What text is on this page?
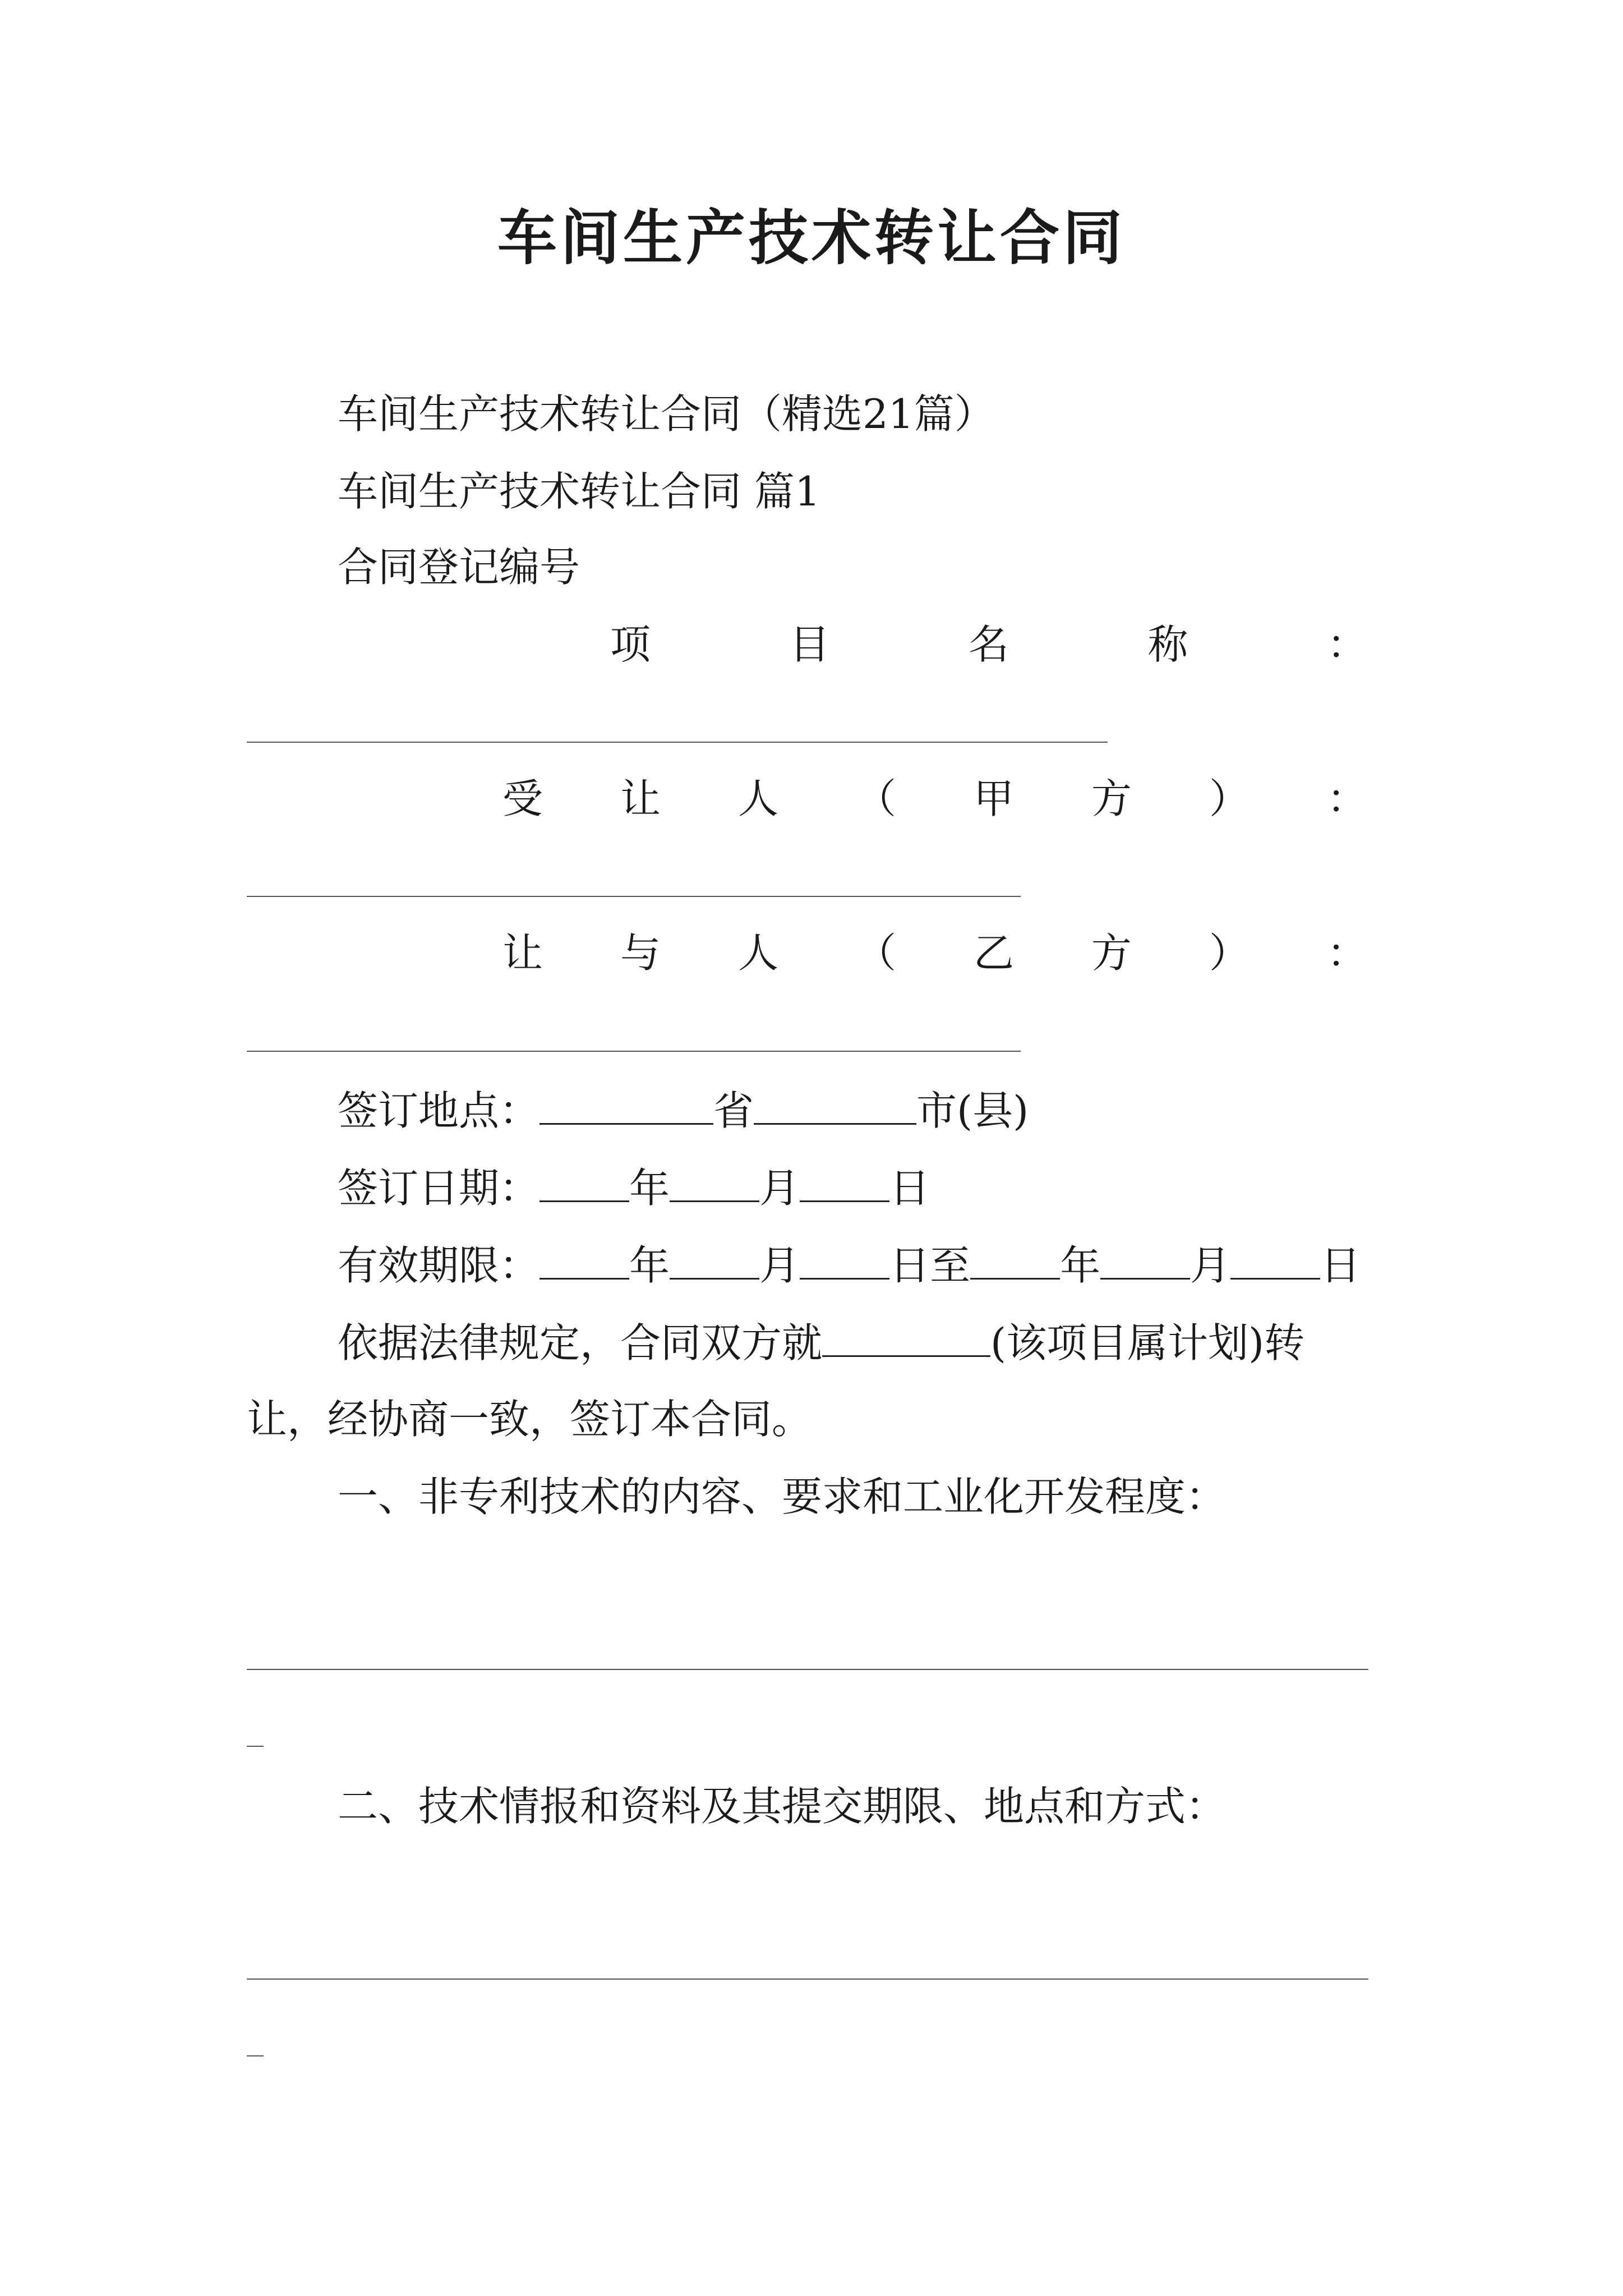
车间生产技术转让合同
车间生产技术转让合同（精选21篇）
车间生产技术转让合同 篇1
合同登记编号
项	目	名	称	：
受 让 人 （ 甲 方 ） ：
让 与 人 （ 乙 方 ） ：
签订地点：	省	市(县)
签订日期： 年 月 日
有效期限： 年 月 日至 年 月 日
依据法律规定，合同双方就	(该项目属计划)转
让，经协商一致，签订本合同。
一、非专利技术的内容、要求和工业化开发程度：
二、技术情报和资料及其提交期限、地点和方式：
